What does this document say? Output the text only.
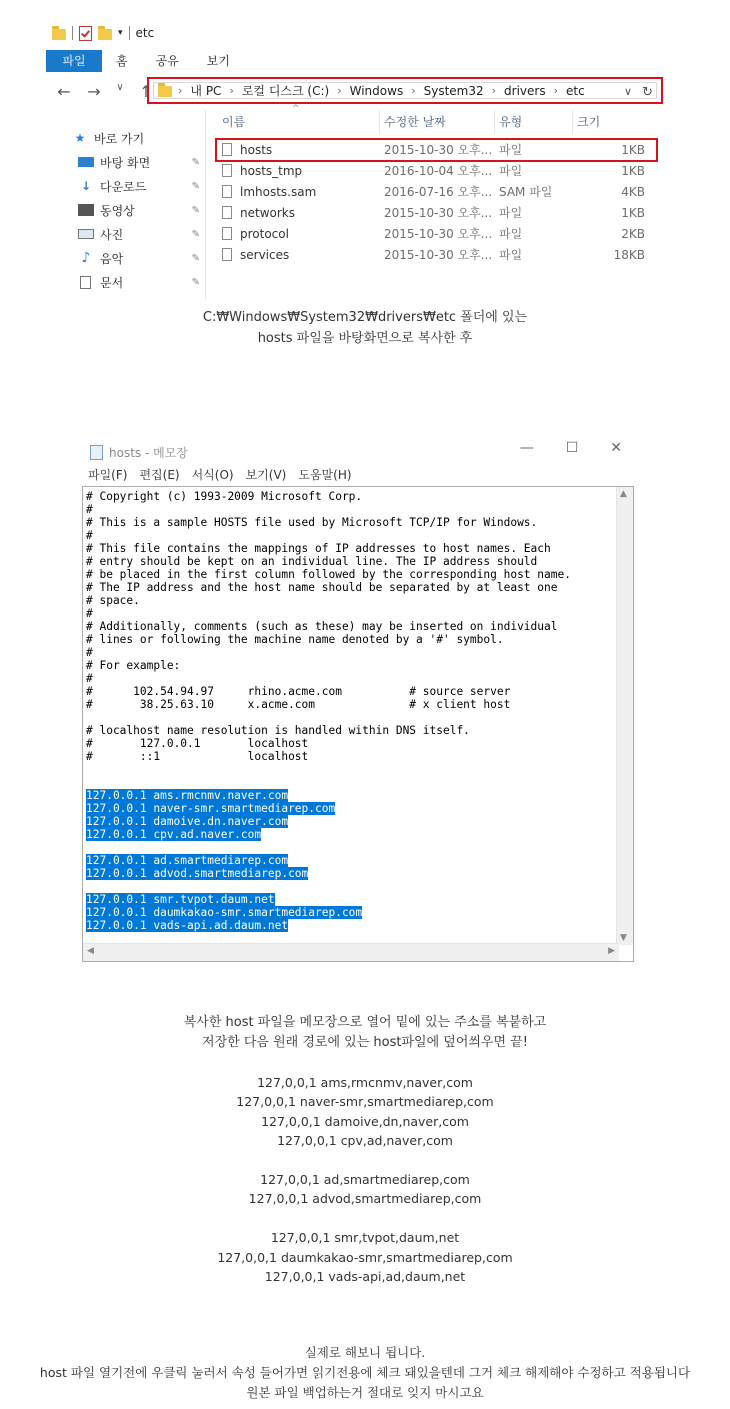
▾ etc
파일	홈	공유	보기
← → ∨ ↑ › 내 PC › 로컬 디스크 (C:) › Windows › System32 › drivers › etc	∨ ↻
★ 바로 가기
바탕 화면	✎
↓ 다운로드	✎
동영상	✎
사진	✎
♪ 음악	✎
문서	✎
^
이름	수정한 날짜	유형	크기
hosts	2015-10-30 오후... 파일	1KB
hosts_tmp	2016-10-04 오후... 파일	1KB
lmhosts.sam	2016-07-16 오후... SAM 파일	4KB
networks	2015-10-30 오후... 파일	1KB
protocol	2015-10-30 오후... 파일	2KB
services	2015-10-30 오후... 파일	18KB
C:₩Windows₩System32₩drivers₩etc 폴더에 있는
hosts 파일을 바탕화면으로 복사한 후
hosts - 메모장	— ☐ ✕
파일(F) 편집(E) 서식(O) 보기(V) 도움말(H)
# Copyright (c) 1993-2009 Microsoft Corp.
#
# This is a sample HOSTS file used by Microsoft TCP/IP for Windows.
#
# This file contains the mappings of IP addresses to host names. Each
# entry should be kept on an individual line. The IP address should
# be placed in the first column followed by the corresponding host name.
# The IP address and the host name should be separated by at least one
# space.
#
# Additionally, comments (such as these) may be inserted on individual
# lines or following the machine name denoted by a '#' symbol.
#
# For example:
#
#      102.54.94.97     rhino.acme.com          # source server
#       38.25.63.10     x.acme.com              # x client host
# localhost name resolution is handled within DNS itself.
#	127.0.0.1       localhost
#	::1             localhost
127.0.0.1 ams.rmcnmv.naver.com
127.0.0.1 naver-smr.smartmediarep.com
127.0.0.1 damoive.dn.naver.com
127.0.0.1 cpv.ad.naver.com
127.0.0.1 ad.smartmediarep.com
127.0.0.1 advod.smartmediarep.com
127.0.0.1 smr.tvpot.daum.net
127.0.0.1 daumkakao-smr.smartmediarep.com
127.0.0.1 vads-api.ad.daum.net
▲
▼
◀	▶
복사한 host 파일을 메모장으로 열어 밑에 있는 주소를 복붙하고
저장한 다음 원래 경로에 있는 host파일에 덮어씌우면 끝!
127,0,0,1 ams,rmcnmv,naver,com
127,0,0,1 naver-smr,smartmediarep,com
127,0,0,1 damoive,dn,naver,com
127,0,0,1 cpv,ad,naver,com
127,0,0,1 ad,smartmediarep,com
127,0,0,1 advod,smartmediarep,com
127,0,0,1 smr,tvpot,daum,net
127,0,0,1 daumkakao-smr,smartmediarep,com
127,0,0,1 vads-api,ad,daum,net
실제로 해보니 됩니다.
host 파일 열기전에 우클릭 눌러서 속성 들어가면 읽기전용에 체크 돼있을텐데 그거 체크 해제해야 수정하고 적용됩니다
원본 파일 백업하는거 절대로 잊지 마시고요
